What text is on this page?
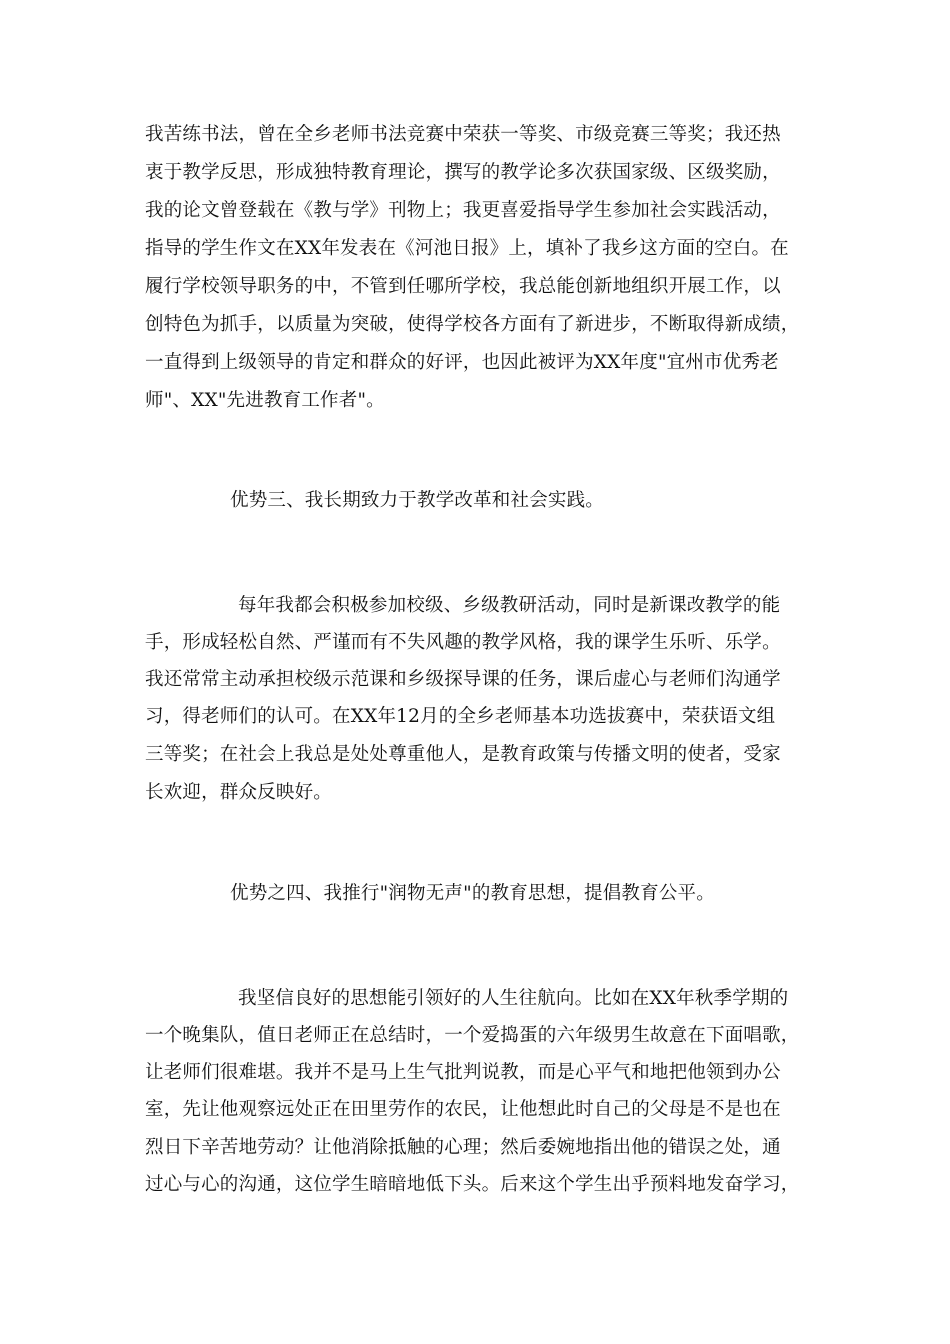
我苦练书法，曾在全乡老师书法竞赛中荣获一等奖、市级竞赛三等奖；我还热
衷于教学反思，形成独特教育理论，撰写的教学论多次获国家级、区级奖励，
我的论文曾登载在《教与学》刊物上；我更喜爱指导学生参加社会实践活动，
指导的学生作文在XX年发表在《河池日报》上，填补了我乡这方面的空白。在
履行学校领导职务的中，不管到任哪所学校，我总能创新地组织开展工作，以
创特色为抓手，以质量为突破，使得学校各方面有了新进步，不断取得新成绩，
一直得到上级领导的肯定和群众的好评，也因此被评为XX年度"宜州市优秀老
师"、XX"先进教育工作者"。
优势三、我长期致力于教学改革和社会实践。
每年我都会积极参加校级、乡级教研活动，同时是新课改教学的能
手，形成轻松自然、严谨而有不失风趣的教学风格，我的课学生乐听、乐学。
我还常常主动承担校级示范课和乡级探导课的任务，课后虚心与老师们沟通学
习，得老师们的认可。在XX年12月的全乡老师基本功选拔赛中，荣获语文组
三等奖；在社会上我总是处处尊重他人，是教育政策与传播文明的使者，受家
长欢迎，群众反映好。
优势之四、我推行"润物无声"的教育思想，提倡教育公平。
我坚信良好的思想能引领好的人生往航向。比如在XX年秋季学期的
一个晚集队，值日老师正在总结时，一个爱捣蛋的六年级男生故意在下面唱歌，
让老师们很难堪。我并不是马上生气批判说教，而是心平气和地把他领到办公
室，先让他观察远处正在田里劳作的农民，让他想此时自己的父母是不是也在
烈日下辛苦地劳动？让他消除抵触的心理；然后委婉地指出他的错误之处，通
过心与心的沟通，这位学生暗暗地低下头。后来这个学生出乎预料地发奋学习，
